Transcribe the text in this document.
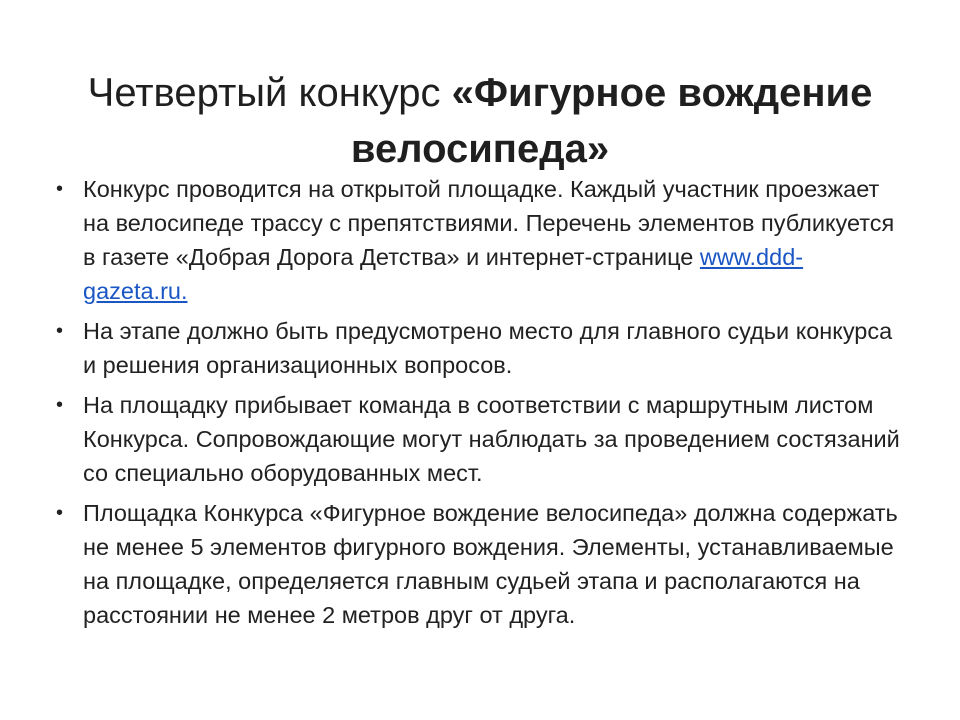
Четвертый конкурс «Фигурное вождение велосипеда»
• Конкурс проводится на открытой площадке. Каждый участник проезжает на велосипеде трассу с препятствиями. Перечень элементов публикуется в газете «Добрая Дорога Детства» и интернет-странице www.ddd-gazeta.ru.
• На этапе должно быть предусмотрено место для главного судьи конкурса и решения организационных вопросов.
• На площадку прибывает команда в соответствии с маршрутным листом Конкурса. Сопровождающие могут наблюдать за проведением состязаний со специально оборудованных мест.
• Площадка Конкурса «Фигурное вождение велосипеда» должна содержать не менее 5 элементов фигурного вождения. Элементы, устанавливаемые на площадке, определяется главным судьей этапа и располагаются на расстоянии не менее 2 метров друг от друга.
